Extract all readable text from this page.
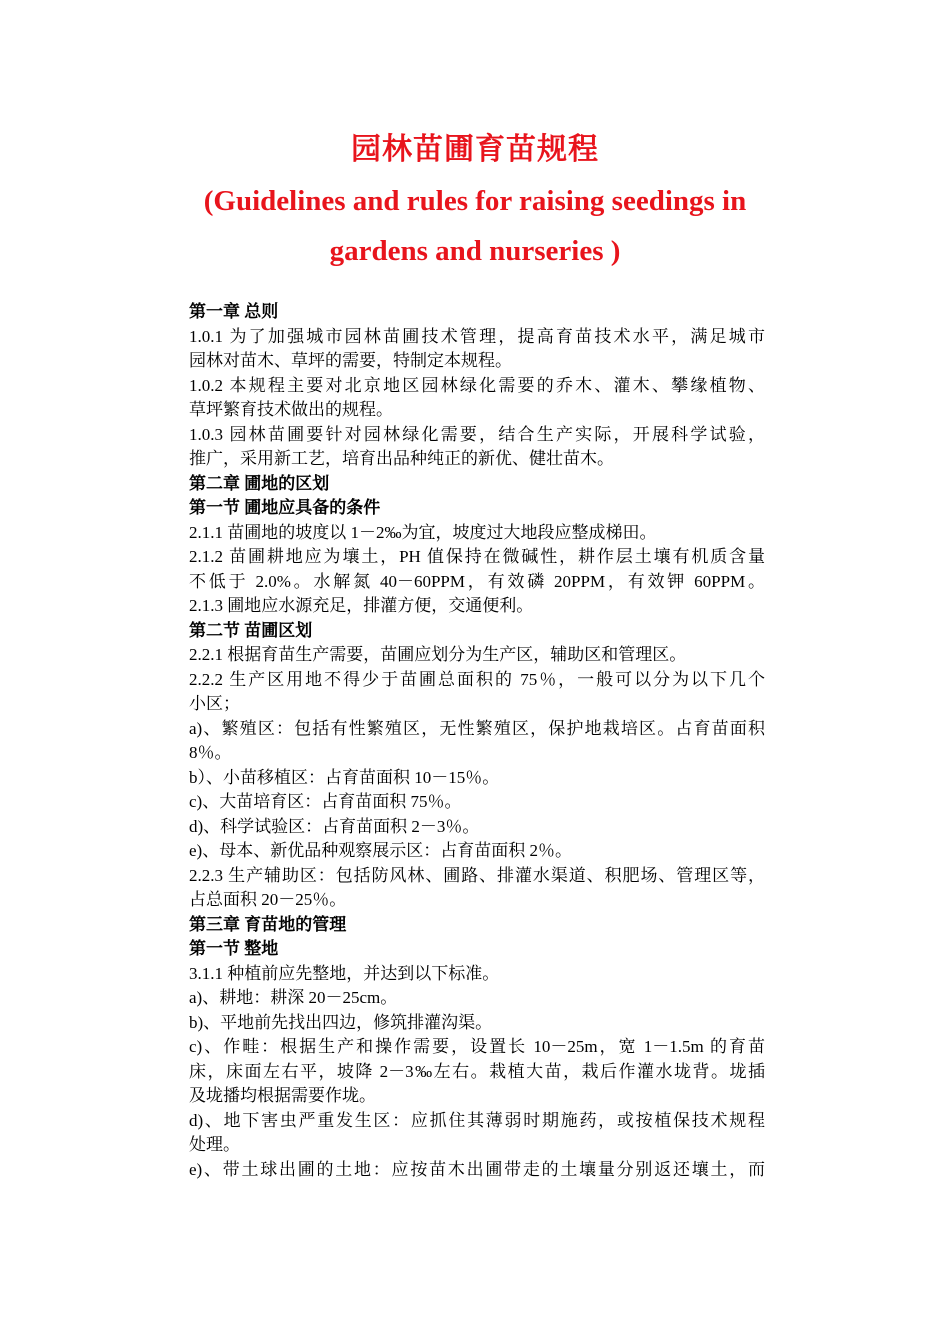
园林苗圃育苗规程
(Guidelines and rules for raising seedings in
gardens and nurseries )
第一章 总则
1.0.1 为了加强城市园林苗圃技术管理，提高育苗技术水平，满足城市
园林对苗木、草坪的需要，特制定本规程。
1.0.2 本规程主要对北京地区园林绿化需要的乔木、灌木、攀缘植物、
草坪繁育技术做出的规程。
1.0.3 园林苗圃要针对园林绿化需要，结合生产实际，开展科学试验，
推广，采用新工艺，培育出品种纯正的新优、健壮苗木。
第二章 圃地的区划
第一节 圃地应具备的条件
2.1.1 苗圃地的坡度以 1－2‰为宜，坡度过大地段应整成梯田。
2.1.2 苗圃耕地应为壤土，PH 值保持在微碱性，耕作层土壤有机质含量
不低于 2.0%。水解氮 40－60PPM，有效磷 20PPM，有效钾 60PPM。
2.1.3 圃地应水源充足，排灌方便，交通便利。
第二节 苗圃区划
2.2.1 根据育苗生产需要，苗圃应划分为生产区，辅助区和管理区。
2.2.2 生产区用地不得少于苗圃总面积的 75％，一般可以分为以下几个
小区；
a)、繁殖区：包括有性繁殖区，无性繁殖区，保护地栽培区。占育苗面积
8％。
b）、小苗移植区：占育苗面积 10－15％。
c)、大苗培育区：占育苗面积 75％。
d)、科学试验区：占育苗面积 2－3％。
e)、母本、新优品种观察展示区：占育苗面积 2％。
2.2.3 生产辅助区：包括防风林、圃路、排灌水渠道、积肥场、管理区等，
占总面积 20－25％。
第三章 育苗地的管理
第一节 整地
3.1.1 种植前应先整地，并达到以下标准。
a)、耕地：耕深 20－25cm。
b)、平地前先找出四边，修筑排灌沟渠。
c)、作畦：根据生产和操作需要，设置长 10－25m，宽 1－1.5m 的育苗
床，床面左右平，坡降 2－3‰左右。栽植大苗，栽后作灌水垅背。垅插
及垅播均根据需要作垅。
d)、地下害虫严重发生区：应抓住其薄弱时期施药，或按植保技术规程
处理。
e)、带土球出圃的土地：应按苗木出圃带走的土壤量分别返还壤土，而
